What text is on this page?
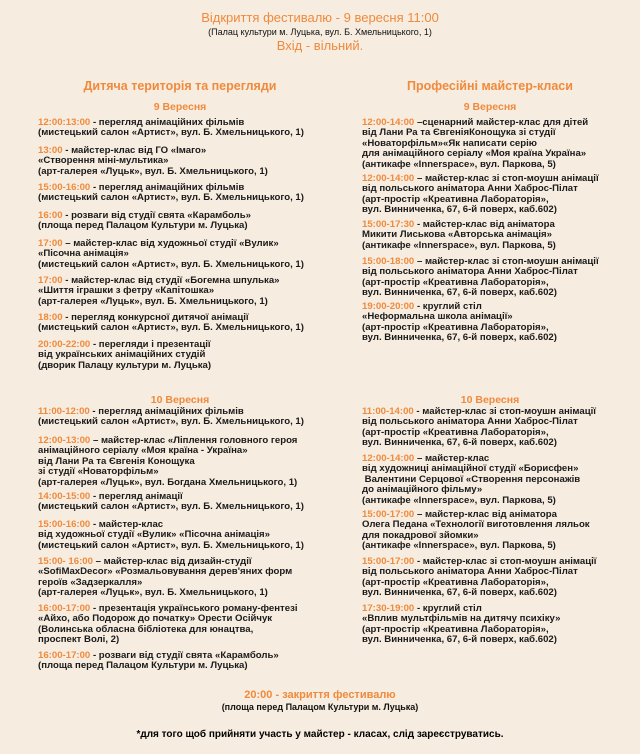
Відкриття фестивалю - 9 вересня 11:00
(Палац культури м. Луцька, вул. Б. Хмельницького, 1)
Вхід - вільний.
Дитяча територія та перегляди	Професійні майстер-класи
9 Вересня	9 Вересня
10 Вересня	10 Вересня
12:00:13:00 - перегляд анімаційних фільмів
(мистецький салон «Артист», вул. Б. Хмельницького, 1)
13:00 - майстер-клас від ГО «Імаго»
«Створення міні-мультика»
(арт-галерея «Луцьк», вул. Б. Хмельницького, 1)
15:00-16:00 - перегляд анімаційних фільмів
(мистецький салон «Артист», вул. Б. Хмельницького, 1)
16:00 - розваги від студії свята «Карамболь»
(площа перед Палацом Культури м. Луцька)
17:00 – майстер-клас від художньої студії «Вулик»
«Пісочна анімація»
(мистецький салон «Артист», вул. Б. Хмельницького, 1)
17:00 - майстер-клас від студії «Богемна шпулька»
«Шиття іграшки з фетру «Капітошка»
(арт-галерея «Луцьк», вул. Б. Хмельницького, 1)
18:00 - перегляд конкурсної дитячої анімації
(мистецький салон «Артист», вул. Б. Хмельницького, 1)
20:00-22:00 - перегляди і презентації
від українських анімаційних студій
(дворик Палацу культури м. Луцька)
12:00-14:00 –сценарний майстер-клас для дітей
від Лани Ра та ЄвгеніяКонощука зі студії
«Новаторфільм»«Як написати серію
для анімаційного серіалу «Моя країна Україна»
(антикафе «Innerspace», вул. Паркова, 5)
12:00-14:00 – майстер-клас зі стоп-моушн анімації
від польського аніматора Анни Хаброс-Пілат
(арт-простір «Креативна Лабораторія»,
вул. Винниченка, 67, 6-й поверх, каб.602)
15:00-17:30 - майстер-клас від аніматора
Микити Лиськова «Авторська анімація»
(антикафе «Innerspace», вул. Паркова, 5)
15:00-18:00 – майстер-клас зі стоп-моушн анімації
від польського аніматора Анни Хаброс-Пілат
(арт-простір «Креативна Лабораторія»,
вул. Винниченка, 67, 6-й поверх, каб.602)
19:00-20:00 - круглий стіл
«Неформальна школа анімації»
(арт-простір «Креативна Лабораторія»,
вул. Винниченка, 67, 6-й поверх, каб.602)
11:00-12:00 - перегляд анімаційних фільмів
(мистецький салон «Артист», вул. Б. Хмельницького, 1)
12:00-13:00 – майстер-клас «Ліплення головного героя
анімаційного серіалу «Моя країна - Україна»
від Лани Ра та Євгенія Конощука
зі студії «Новаторфільм»
(арт-галерея «Луцьк», вул. Богдана Хмельницького, 1)
14:00-15:00 - перегляд анімації
(мистецький салон «Артист», вул. Б. Хмельницького, 1)
15:00-16:00 - майстер-клас
від художньої студії «Вулик» «Пісочна анімація»
(мистецький салон «Артист», вул. Б. Хмельницького, 1)
15:00- 16:00 – майстер-клас від дизайн-студії
«SofiMaxDecor» «Розмальовування дерев'яних форм
героїв «Задзеркалля»
(арт-галерея «Луцьк», вул. Б. Хмельницького, 1)
16:00-17:00 - презентація українського роману-фентезі
«Айхо, або Подорож до початку» Орести Осійчук
(Волинська обласна бібліотека для юнацтва,
проспект Волі, 2)
16:00-17:00 - розваги від студії свята «Карамболь»
(площа перед Палацом Культури м. Луцька)
11:00-14:00 - майстер-клас зі стоп-моушн анімації
від польського аніматора Анни Хаброс-Пілат
(арт-простір «Креативна Лабораторія»,
вул. Винниченка, 67, 6-й поверх, каб.602)
12:00-14:00 – майстер-клас
від художниці анімаційної студії «Борисфен»
Валентини Серцової «Створення персонажів
до анімаційного фільму»
(антикафе «Innerspace», вул. Паркова, 5)
15:00-17:00 – майстер-клас від аніматора
Олега Педана «Технології виготовлення ляльок
для покадрової зйомки»
(антикафе «Innerspace», вул. Паркова, 5)
15:00-17:00 - майстер-клас зі стоп-моушн анімації
від польського аніматора Анни Хаброс-Пілат
(арт-простір «Креативна Лабораторія»,
вул. Винниченка, 67, 6-й поверх, каб.602)
17:30-19:00 - круглий стіл
«Вплив мультфільмів на дитячу психіку»
(арт-простір «Креативна Лабораторія»,
вул. Винниченка, 67, 6-й поверх, каб.602)
20:00 - закриття фестивалю
(площа перед Палацом Культури м. Луцька)
*для того щоб прийняти участь у майстер - класах, слід зареєструватись.
